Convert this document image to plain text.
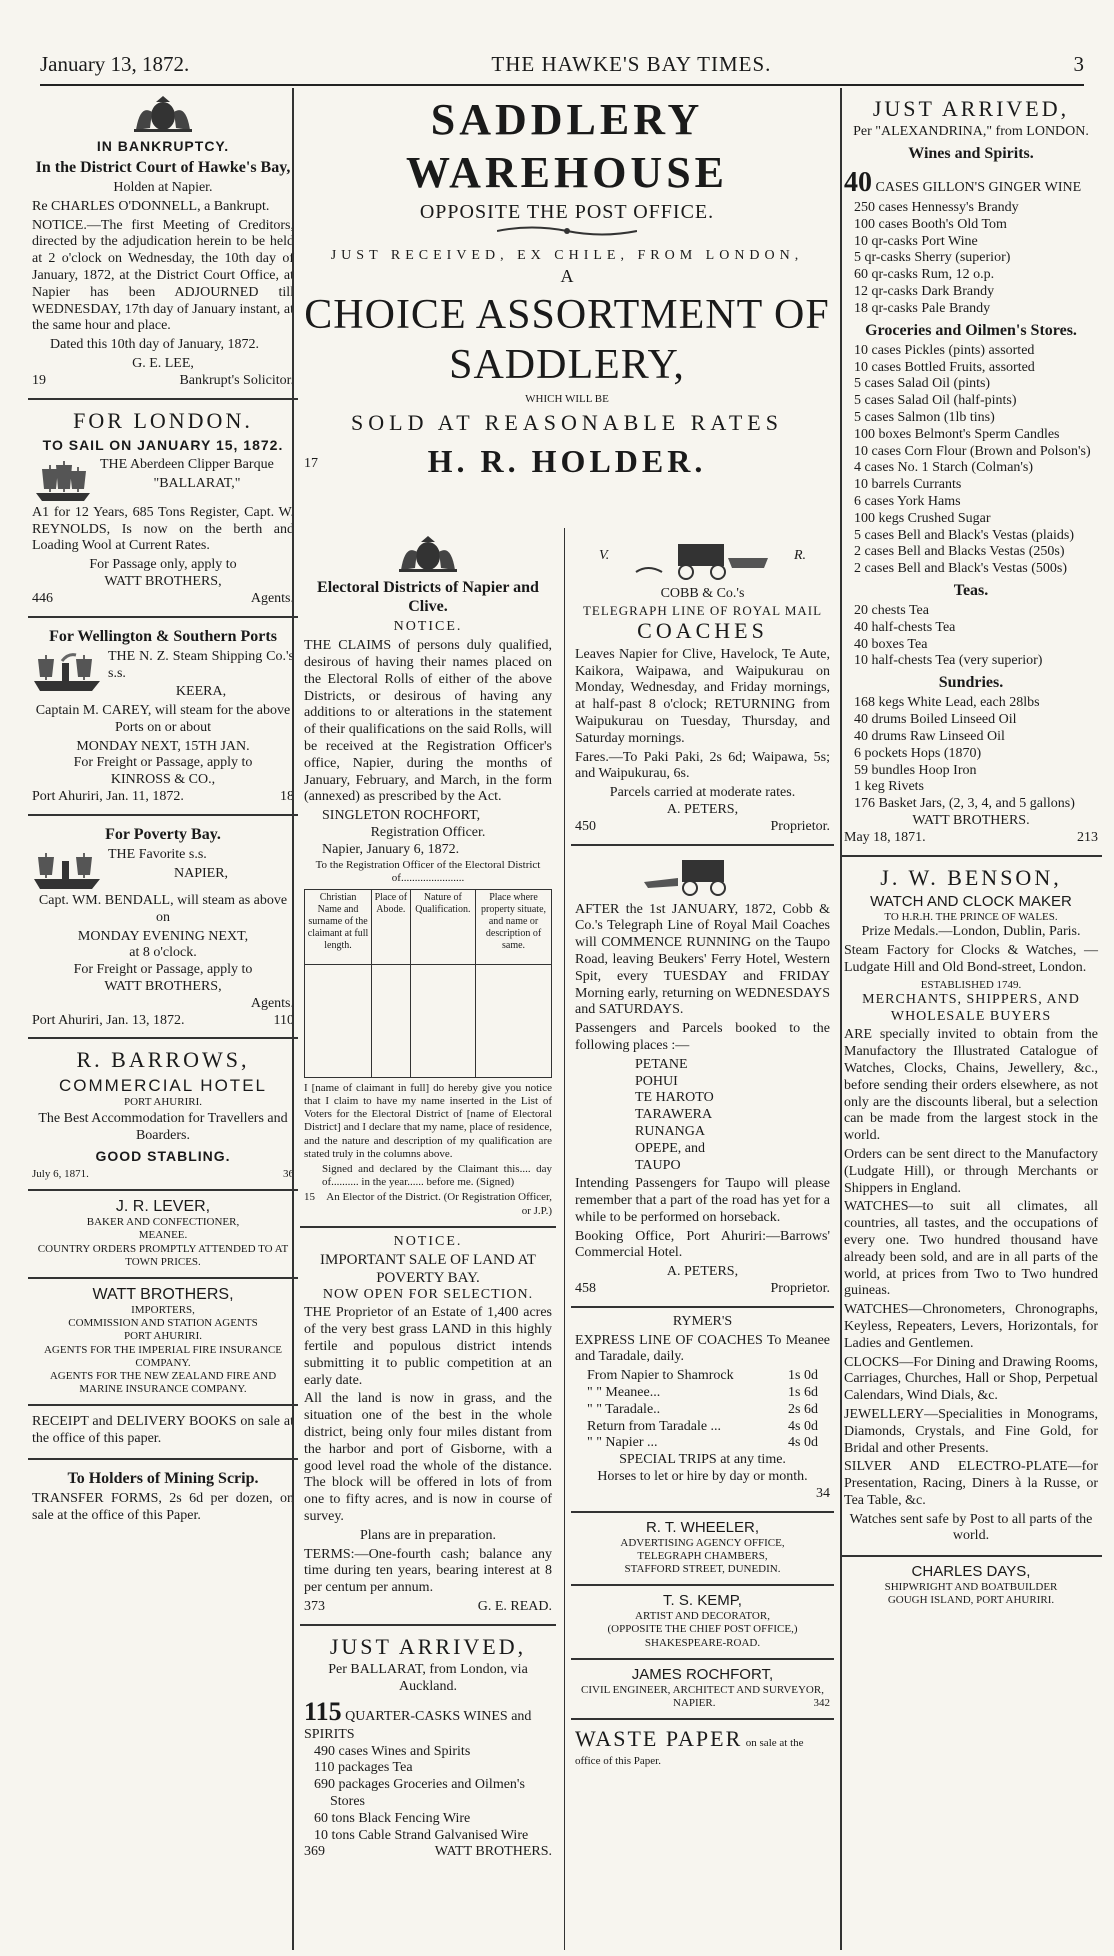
January 13, 1872.	THE HAWKE'S BAY TIMES.	3
IN BANKRUPTCY.
In the District Court of Hawke's Bay,
Holden at Napier.

Re CHARLES O'DONNELL, a Bankrupt.

NOTICE.—The first Meeting of Creditors, directed by the adjudication herein to be held at 2 o'clock on Wednesday, the 10th day of January, 1872, at the District Court Office, at Napier has been ADJOURNED till WEDNESDAY, 17th day of January instant, at the same hour and place.

Dated this 10th day of January, 1872.

G. E. LEE,
19	Bankrupt's Solicitor.
FOR LONDON.
TO SAIL ON JANUARY 15, 1872.

THE Aberdeen Clipper Barque

"BALLARAT,"

A1 for 12 Years, 685 Tons Register, Capt. W. REYNOLDS, Is now on the berth and Loading Wool at Current Rates.

For Passage only, apply to
WATT BROTHERS,
446	Agents.
For Wellington & Southern Ports

THE N. Z. Steam Shipping Co.'s s.s.

KEERA,

Captain M. CAREY, will steam for the above Ports on or about

MONDAY NEXT, 15TH JAN.
For Freight or Passage, apply to
KINROSS & CO.,
Port Ahuriri, Jan. 11, 1872.	18
For Poverty Bay.

THE Favorite s.s.

NAPIER,

Capt. WM. BENDALL, will steam as above on

MONDAY EVENING NEXT,
at 8 o'clock.
For Freight or Passage, apply to
WATT BROTHERS,
Agents.
Port Ahuriri, Jan. 13, 1872.	110
R. BARROWS,
COMMERCIAL HOTEL
PORT AHURIRI.

The Best Accommodation for Travellers and Boarders.

GOOD STABLING.
July 6, 1871.	36
J. R. LEVER,
BAKER AND CONFECTIONER,
MEANEE.
COUNTRY ORDERS PROMPTLY ATTENDED TO AT TOWN PRICES.
WATT BROTHERS,
IMPORTERS,
COMMISSION AND STATION AGENTS
PORT AHURIRI.
AGENTS FOR THE IMPERIAL FIRE INSURANCE COMPANY.
AGENTS FOR THE NEW ZEALAND FIRE AND MARINE INSURANCE COMPANY.

RECEIPT and DELIVERY BOOKS on sale at the office of this paper.

To Holders of Mining Scrip.

TRANSFER FORMS, 2s 6d per dozen, on sale at the office of this Paper.

SADDLERY WAREHOUSE
OPPOSITE THE POST OFFICE.
JUST RECEIVED, EX CHILE, FROM LONDON,
A
CHOICE ASSORTMENT OF SADDLERY,
WHICH WILL BE
SOLD AT REASONABLE RATES
17	H. R. HOLDER.
Electoral Districts of Napier and Clive.
NOTICE.

THE CLAIMS of persons duly qualified, desirous of having their names placed on the Electoral Rolls of either of the above Districts, or desirous of having any additions to or alterations in the statement of their qualifications on the said Rolls, will be received at the Registration Officer's office, Napier, during the months of January, February, and March, in the form (annexed) as prescribed by the Act.

SINGLETON ROCHFORT,
Registration Officer.
Napier, January 6, 1872.
To the Registration Officer of the Electoral District of.......................
Christian Name and surname of the claimant at full length.	Place of Abode.	Nature of Qualification.	Place where property situate, and name or description of same.

I [name of claimant in full] do hereby give you notice that I claim to have my name inserted in the List of Voters for the Electoral District of [name of Electoral District] and I declare that my name, place of residence, and the nature and description of my qualification are stated truly in the columns above.

Signed and declared by the Claimant this.... day of.......... in the year...... before me. (Signed)

15	An Elector of the District. (Or Registration Officer, or J.P.)
NOTICE.
IMPORTANT SALE OF LAND AT POVERTY BAY.
NOW OPEN FOR SELECTION.

THE Proprietor of an Estate of 1,400 acres of the very best grass LAND in this highly fertile and populous district intends submitting it to public competition at an early date.

All the land is now in grass, and the situation one of the best in the whole district, being only four miles distant from the harbor and port of Gisborne, with a good level road the whole of the distance. The block will be offered in lots of from one to fifty acres, and is now in course of survey.

Plans are in preparation.

TERMS:—One-fourth cash; balance any time during ten years, bearing interest at 8 per centum per annum.

373	G. E. READ.
JUST ARRIVED,
Per BALLARAT, from London, via Auckland.
115 QUARTER-CASKS WINES and SPIRITS
490 cases Wines and Spirits
110 packages Tea
690 packages Groceries and Oilmen's Stores
60 tons Black Fencing Wire
10 tons Cable Strand Galvanised Wire
369	WATT BROTHERS.
V.	R.
COBB & Co.'s
TELEGRAPH LINE OF ROYAL MAIL
COACHES

Leaves Napier for Clive, Havelock, Te Aute, Kaikora, Waipawa, and Waipukurau on Monday, Wednesday, and Friday mornings, at half-past 8 o'clock; RETURNING from Waipukurau on Tuesday, Thursday, and Saturday mornings.

Fares.—To Paki Paki, 2s 6d; Waipawa, 5s; and Waipukurau, 6s.

Parcels carried at moderate rates.
A. PETERS,
450	Proprietor.

AFTER the 1st JANUARY, 1872, Cobb & Co.'s Telegraph Line of Royal Mail Coaches will COMMENCE RUNNING on the Taupo Road, leaving Beukers' Ferry Hotel, Western Spit, every TUESDAY and FRIDAY Morning early, returning on WEDNESDAYS and SATURDAYS.

Passengers and Parcels booked to the following places :—

PETANE
POHUI
TE HAROTO
TARAWERA
RUNANGA
OPEPE, and
TAUPO

Intending Passengers for Taupo will please remember that a part of the road has yet for a while to be performed on horseback.

Booking Office, Port Ahuriri:—Barrows' Commercial Hotel.

A. PETERS,
458	Proprietor.
RYMER'S

EXPRESS LINE OF COACHES To Meanee and Taradale, daily.

From Napier to Shamrock	1s 0d
" " Meanee...	1s 6d
" " Taradale..	2s 6d
Return from Taradale ...	4s 0d
" " Napier ...	4s 0d
SPECIAL TRIPS at any time.
Horses to let or hire by day or month.
34
R. T. WHEELER,
ADVERTISING AGENCY OFFICE,
TELEGRAPH CHAMBERS,
STAFFORD STREET, DUNEDIN.
T. S. KEMP,
ARTIST AND DECORATOR,
(OPPOSITE THE CHIEF POST OFFICE,)
SHAKESPEARE-ROAD.
JAMES ROCHFORT,
CIVIL ENGINEER, ARCHITECT AND SURVEYOR,
NAPIER.	342
WASTE PAPER on sale at the office of this Paper.
JUST ARRIVED,
Per "ALEXANDRINA," from LONDON.
Wines and Spirits.
40 CASES GILLON'S GINGER WINE
250 cases Hennessy's Brandy
100 cases Booth's Old Tom
10 qr-casks Port Wine
5 qr-casks Sherry (superior)
60 qr-casks Rum, 12 o.p.
12 qr-casks Dark Brandy
18 qr-casks Pale Brandy
Groceries and Oilmen's Stores.
10 cases Pickles (pints) assorted
10 cases Bottled Fruits, assorted
5 cases Salad Oil (pints)
5 cases Salad Oil (half-pints)
5 cases Salmon (1lb tins)
100 boxes Belmont's Sperm Candles
10 cases Corn Flour (Brown and Polson's)
4 cases No. 1 Starch (Colman's)
10 barrels Currants
6 cases York Hams
100 kegs Crushed Sugar
5 cases Bell and Black's Vestas (plaids)
2 cases Bell and Blacks Vestas (250s)
2 cases Bell and Black's Vestas (500s)
Teas.
20 chests Tea
40 half-chests Tea
40 boxes Tea
10 half-chests Tea (very superior)
Sundries.
168 kegs White Lead, each 28lbs
40 drums Boiled Linseed Oil
40 drums Raw Linseed Oil
6 pockets Hops (1870)
59 bundles Hoop Iron
1 keg Rivets
176 Basket Jars, (2, 3, 4, and 5 gallons)
WATT BROTHERS.
May 18, 1871.	213
J. W. BENSON,
WATCH AND CLOCK MAKER
TO H.R.H. THE PRINCE OF WALES.
Prize Medals.—London, Dublin, Paris.

Steam Factory for Clocks & Watches, —Ludgate Hill and Old Bond-street, London.

ESTABLISHED 1749.
MERCHANTS, SHIPPERS, AND WHOLESALE BUYERS

ARE specially invited to obtain from the Manufactory the Illustrated Catalogue of Watches, Clocks, Chains, Jewellery, &c., before sending their orders elsewhere, as not only are the discounts liberal, but a selection can be made from the largest stock in the world.

Orders can be sent direct to the Manufactory (Ludgate Hill), or through Merchants or Shippers in England.

WATCHES—to suit all climates, all countries, all tastes, and the occupations of every one. Two hundred thousand have already been sold, and are in all parts of the world, at prices from Two to Two hundred guineas.

WATCHES—Chronometers, Chronographs, Keyless, Repeaters, Levers, Horizontals, for Ladies and Gentlemen.

CLOCKS—For Dining and Drawing Rooms, Carriages, Churches, Hall or Shop, Perpetual Calendars, Wind Dials, &c.

JEWELLERY—Specialities in Monograms, Diamonds, Crystals, and Fine Gold, for Bridal and other Presents.

SILVER AND ELECTRO-PLATE—for Presentation, Racing, Diners à la Russe, or Tea Table, &c.

Watches sent safe by Post to all parts of the world.

CHARLES DAYS,
SHIPWRIGHT AND BOATBUILDER
GOUGH ISLAND, PORT AHURIRI.
